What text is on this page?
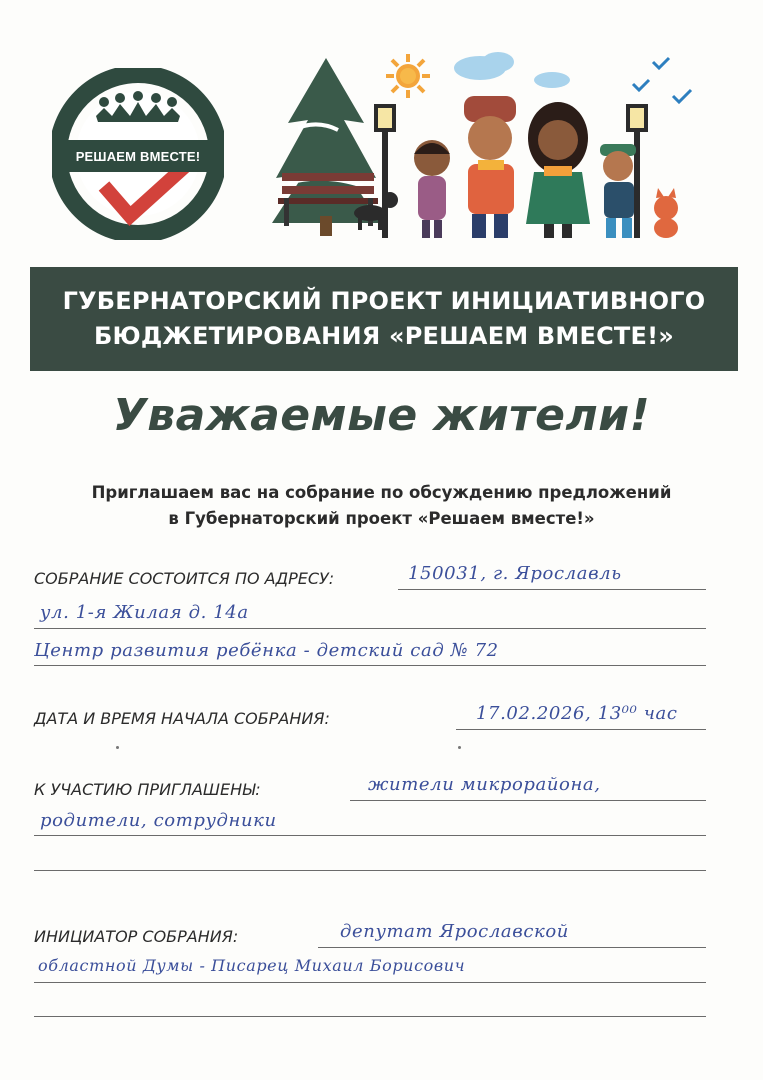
РЕШАЕМ ВМЕСТЕ!
ГУБЕРНАТОРСКИЙ ПРОЕКТ ИНИЦИАТИВНОГО
БЮДЖЕТИРОВАНИЯ «РЕШАЕМ ВМЕСТЕ!»
Уважаемые жители!
Приглашаем вас на собрание по обсуждению предложений
в Губернаторский проект «Решаем вместе!»
СОБРАНИЕ СОСТОИТСЯ ПО АДРЕСУ:	150031, г. Ярославль
ул. 1-я Жилая д. 14а
Центр развития ребёнка - детский сад № 72
ДАТА И ВРЕМЯ НАЧАЛА СОБРАНИЯ:	17.02.2026, 13⁰⁰ час
К УЧАСТИЮ ПРИГЛАШЕНЫ:	жители микрорайона,
родители, сотрудники
ИНИЦИАТОР СОБРАНИЯ:	депутат Ярославской
областной Думы - Писарец Михаил Борисович
